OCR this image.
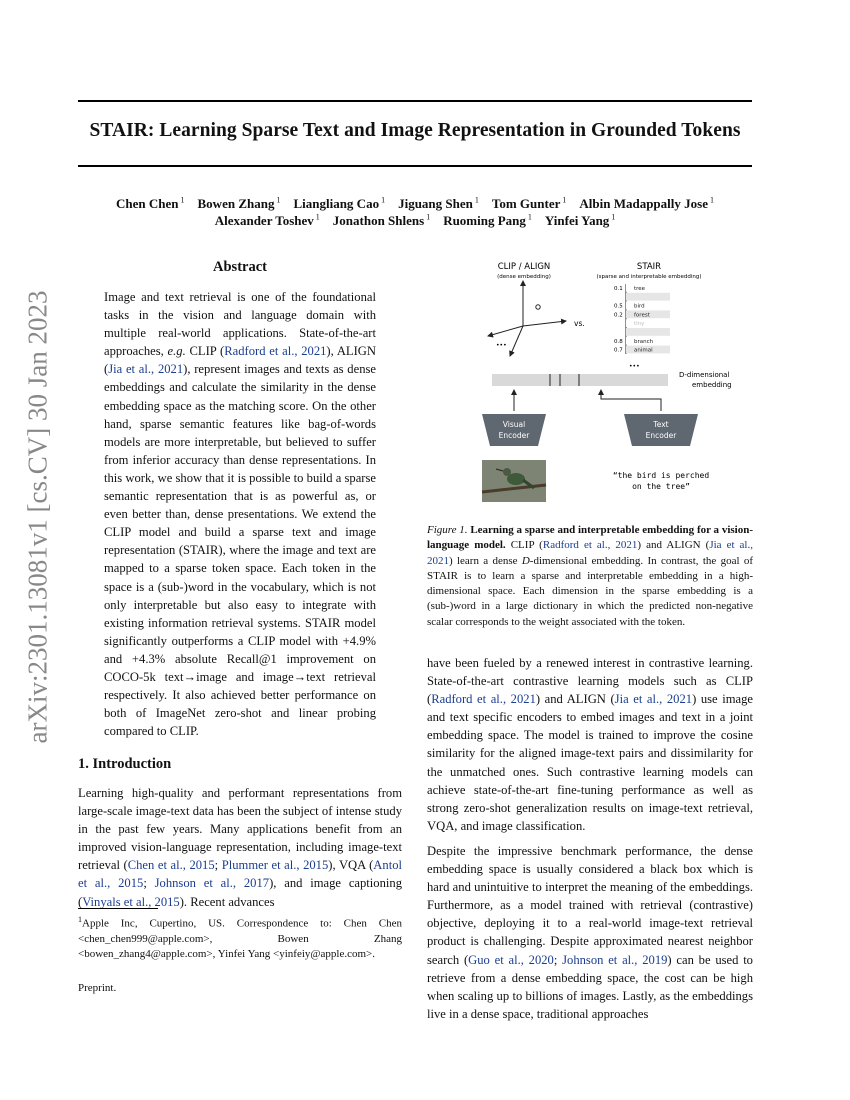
arXiv:2301.13081v1 [cs.CV] 30 Jan 2023
STAIR: Learning Sparse Text and Image Representation in Grounded Tokens
Chen Chen $^1$  Bowen Zhang $^1$  Liangliang Cao $^1$  Jiguang Shen $^1$  Tom Gunter $^1$  Albin Madappally Jose $^1$
Alexander Toshev $^1$  Jonathon Shlens $^1$  Ruoming Pang $^1$  Yinfei Yang $^1$
Abstract

Image and text retrieval is one of the foundational tasks in the vision and language domain with multiple real-world applications. State-of-the-art approaches, e.g. CLIP (Radford et al., 2021), ALIGN (Jia et al., 2021), represent images and texts as dense embeddings and calculate the similarity in the dense embedding space as the matching score. On the other hand, sparse semantic features like bag-of-words models are more interpretable, but believed to suffer from inferior accuracy than dense representations. In this work, we show that it is possible to build a sparse semantic representation that is as powerful as, or even better than, dense presentations. We extend the CLIP model and build a sparse text and image representation (STAIR), where the image and text are mapped to a sparse token space. Each token in the space is a (sub-)word in the vocabulary, which is not only interpretable but also easy to integrate with existing information retrieval systems. STAIR model significantly outperforms a CLIP model with +4.9% and +4.3% absolute Recall@1 improvement on COCO-5k text→image and image→text retrieval respectively. It also achieved better performance on both of ImageNet zero-shot and linear probing compared to CLIP.

1. Introduction

Learning high-quality and performant representations from large-scale image-text data has been the subject of intense study in the past few years. Many applications benefit from an improved vision-language representation, including image-text retrieval (Chen et al., 2015; Plummer et al., 2015), VQA (Antol et al., 2015; Johnson et al., 2017), and image captioning (Vinyals et al., 2015). Recent advances

$^1$Apple Inc, Cupertino, US. Correspondence to: Chen Chen <chen_chen999@apple.com>, Bowen Zhang <bowen_zhang4@apple.com>, Yinfei Yang <yinfeiy@apple.com>.
Preprint.
CLIP / ALIGN
(dense embedding)
•••
vs.
STAIR
(sparse and interpretable embedding)
0.1 tree
0.5 bird
0.2 forest
tiny
0.8 branch
0.7 animal
•••
D-dimensional
embedding
Visual
Encoder
Text
Encoder
“the bird is perched
on the tree”
Figure 1. Learning a sparse and interpretable embedding for a vision-language model. CLIP (Radford et al., 2021) and ALIGN (Jia et al., 2021) learn a dense D-dimensional embedding. In contrast, the goal of STAIR is to learn a sparse and interpretable embedding in a high-dimensional space. Each dimension in the sparse embedding is a (sub-)word in a large dictionary in which the predicted non-negative scalar corresponds to the weight associated with the token.

have been fueled by a renewed interest in contrastive learning. State-of-the-art contrastive learning models such as CLIP (Radford et al., 2021) and ALIGN (Jia et al., 2021) use image and text specific encoders to embed images and text in a joint embedding space. The model is trained to improve the cosine similarity for the aligned image-text pairs and dissimilarity for the unmatched ones. Such contrastive learning models can achieve state-of-the-art fine-tuning performance as well as strong zero-shot generalization results on image-text retrieval, VQA, and image classification.

Despite the impressive benchmark performance, the dense embedding space is usually considered a black box which is hard and unintuitive to interpret the meaning of the embeddings. Furthermore, as a model trained with retrieval (contrastive) objective, deploying it to a real-world image-text retrieval product is challenging. Despite approximated nearest neighbor search (Guo et al., 2020; Johnson et al., 2019) can be used to retrieve from a dense embedding space, the cost can be high when scaling up to billions of images. Lastly, as the embeddings live in a dense space, traditional approaches
